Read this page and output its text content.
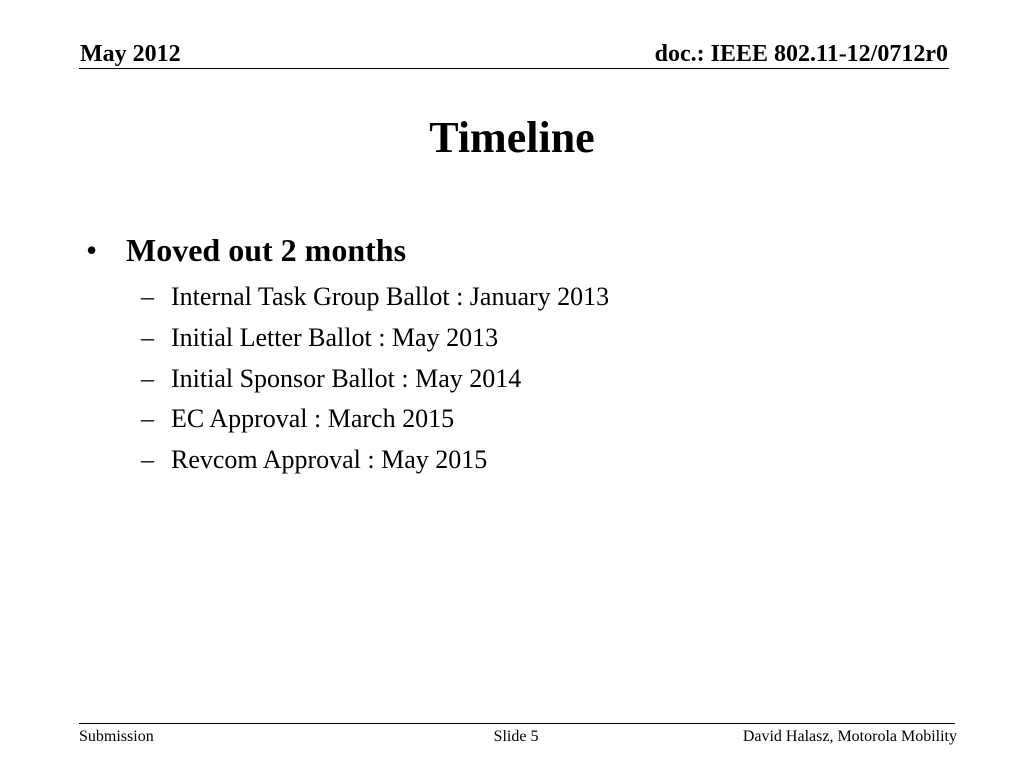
May 2012	doc.: IEEE 802.11-12/0712r0
Timeline
• Moved out 2 months
– Internal Task Group Ballot : January 2013
– Initial Letter Ballot : May 2013
– Initial Sponsor Ballot : May 2014
– EC Approval : March 2015
– Revcom Approval : May 2015
Submission	Slide 5	David Halasz, Motorola Mobility
